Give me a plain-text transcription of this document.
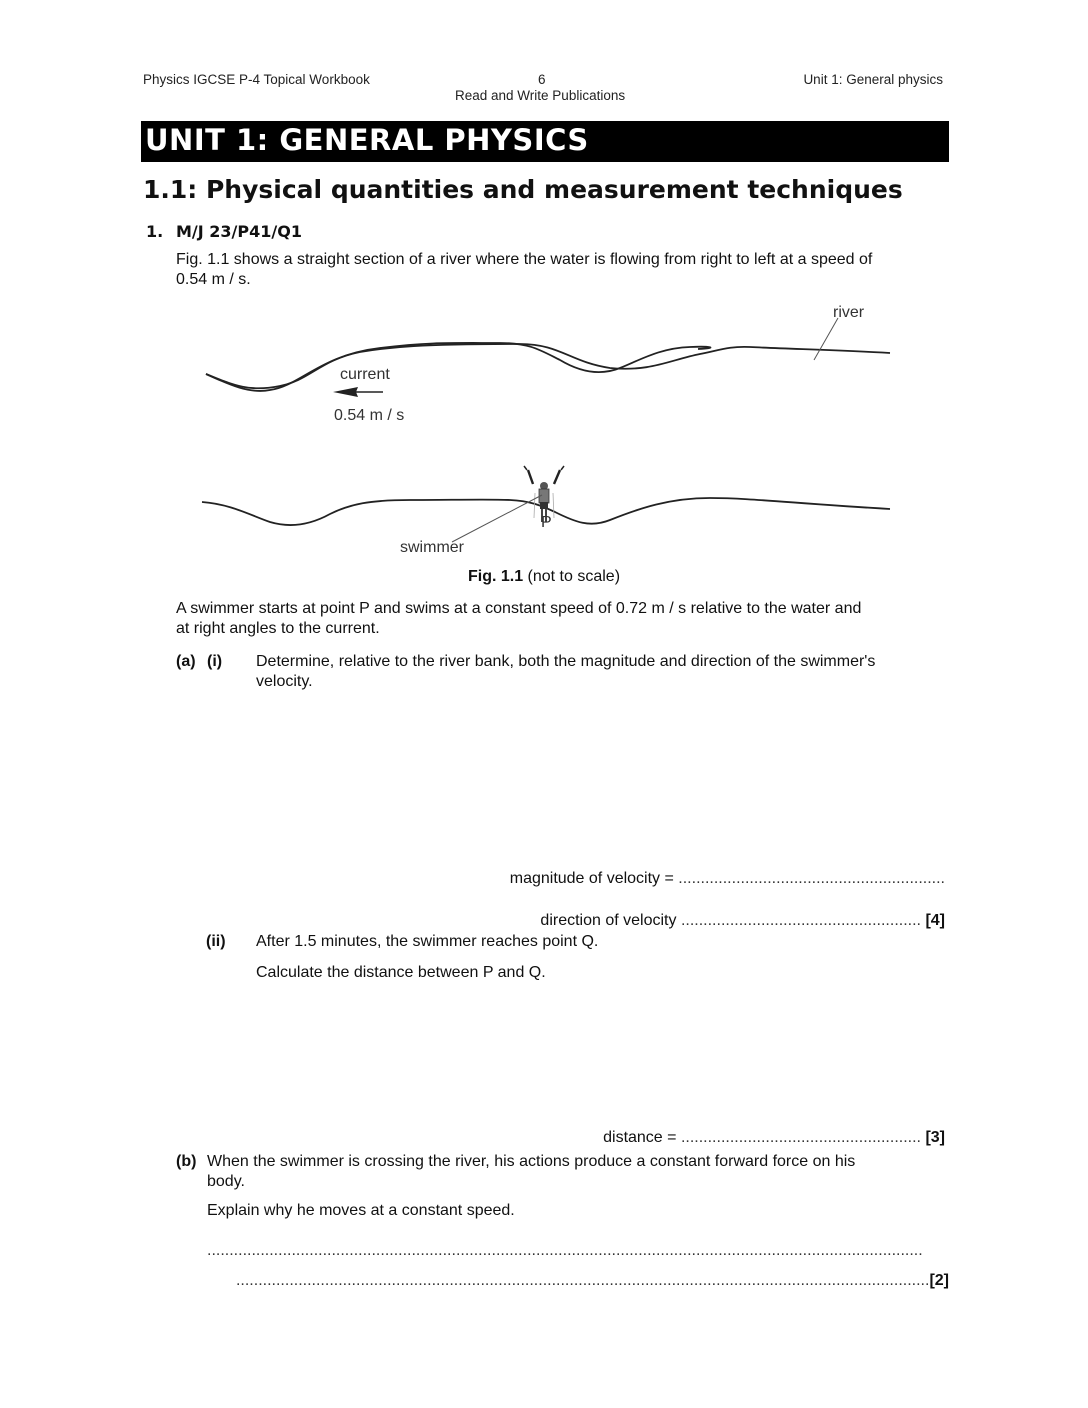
Physics IGCSE P-4 Topical Workbook	6
Read and Write Publications
Unit 1: General physics
UNIT 1: GENERAL PHYSICS
1.1: Physical quantities and measurement techniques
1. M/J 23/P41/Q1
Fig. 1.1 shows a straight section of a river where the water is flowing from right to left at a speed of
0.54 m / s.
river
current
0.54 m / s
swimmer
P
Fig. 1.1 (not to scale)
A swimmer starts at point P and swims at a constant speed of 0.72 m / s relative to the water and
at right angles to the current.
(a) (i) Determine, relative to the river bank, both the magnitude and direction of the swimmer's
velocity.
magnitude of velocity = ............................................................
direction of velocity ...................................................... [4]
(ii) After 1.5 minutes, the swimmer reaches point Q.
Calculate the distance between P and Q.
distance = ...................................................... [3]
(b) When the swimmer is crossing the river, his actions produce a constant forward force on his
body.
Explain why he moves at a constant speed.
.................................................................................................................................................................
............................................................................................................................................................[2]
